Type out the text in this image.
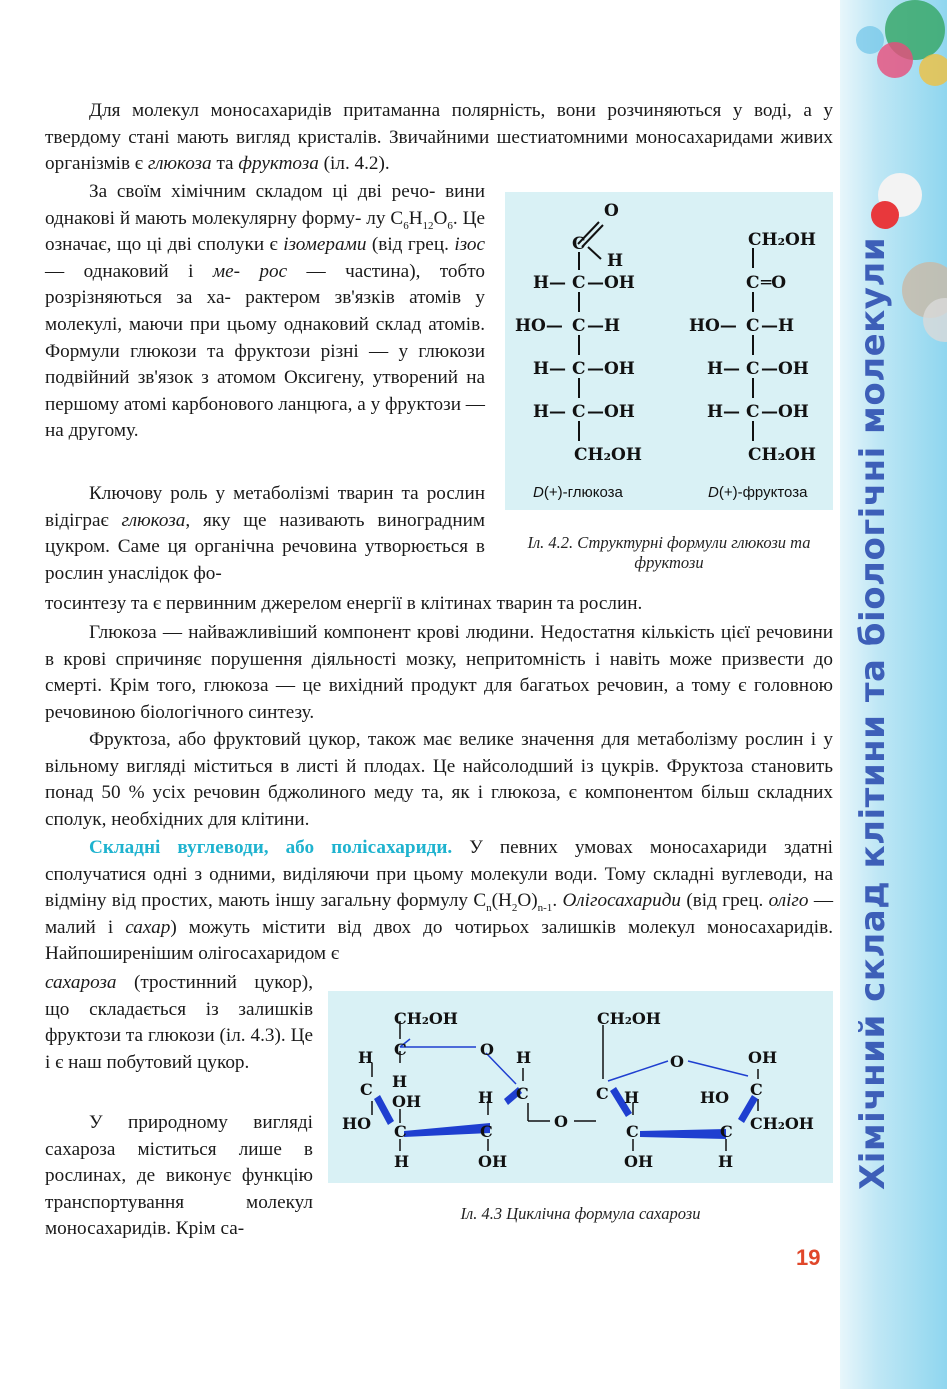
Хімічний склад клітини та біологічні молекули
19
Для молекул моносахаридів притаманна полярність, вони розчиняються у воді, а у твердому стані мають вигляд кристалів. Звичайними шестиатомними моносахаридами живих організмів є глюкоза та фруктоза (іл. 4.2).
За своїм хімічним складом ці дві рeчо- вини однакові й мають молекулярну форму- лу $C_6H_{12}O_6$. Це означає, що ці дві сполуки є ізомерами (від грец. ізос — однаковий і ме- рос — частина), тобто розрізняються за ха- рактером зв'язків атомів у молекулі, маючи при цьому однаковий склад атомів. Формули глюкози та фруктози різні — у глюкози подвійний зв'язок з атомом Оксигену, утворений на першому атомі карбонового ланцюга, а у фруктози — на другому.
Ключову роль у метаболізмі тварин та рослин відіграє глюкоза, яку ще називають виноградним цукром. Саме ця органічна речовина утворюється в рослин унаслідок фо-
тосинтезу та є первинним джерелом енергії в клітинах тварин та рослин.
O
C
H
H— C —OH
HO— C —H
H— C —OH
H— C —OH
CH₂OH
CH₂OH
C ═O
HO— C —H
H— C —OH
H— C —OH
CH₂OH
D(+)-глюкоза	D(+)-фруктоза
Іл. 4.2. Структурні формули глюкози та фруктози
Глюкоза — найважливіший компонент крові людини. Недостатня кількість цієї речовини в крові спричиняє порушення діяльності мозку, непритомність і навіть може призвести до смерті. Крім того, глюкоза — це вихідний продукт для багатьох речовин, а тому є головною речовиною біологічного синтезу.
Фруктоза, або фруктовий цукор, також має велике значення для метаболізму рослин і у вільному вигляді міститься в листі й плодах. Це найсолодший із цукрів. Фруктоза становить понад 50 % усіх речовин бджолиного меду та, як і глюкоза, є компонентом більш складних сполук, необхідних для клітини.
Складні вуглеводи, або полісахариди. У певних умовах моносахариди здатні сполучатися одні з одними, виділяючи при цьому молекули води. Тому складні вуглеводи, на відміну від простих, мають іншу загальну формулу $C_n(H_2O)_{n-1}$. Олігосахариди (від грец. оліго — малий і сахар) можуть містити від двох до чотирьох залишків молекул моносахаридів. Найпоширенішим олігосахаридом є
сахароза (тростинний цукор), що складається із залишків фруктози та глюкози (іл. 4.3). Це і є наш побутовий цукор.
У природному вигляді сахароза міститься лише в рослинах, де виконує функцію транспортування молекул моносахаридів. Крім са-
CH₂OH	CH₂OH
H C	O H
H
C
OH	H C
O
HO C	C
H	OH
O	OH
C H	HO C
CH₂OH
C	C
OH	H
Іл. 4.3 Циклічна формула сахарози
